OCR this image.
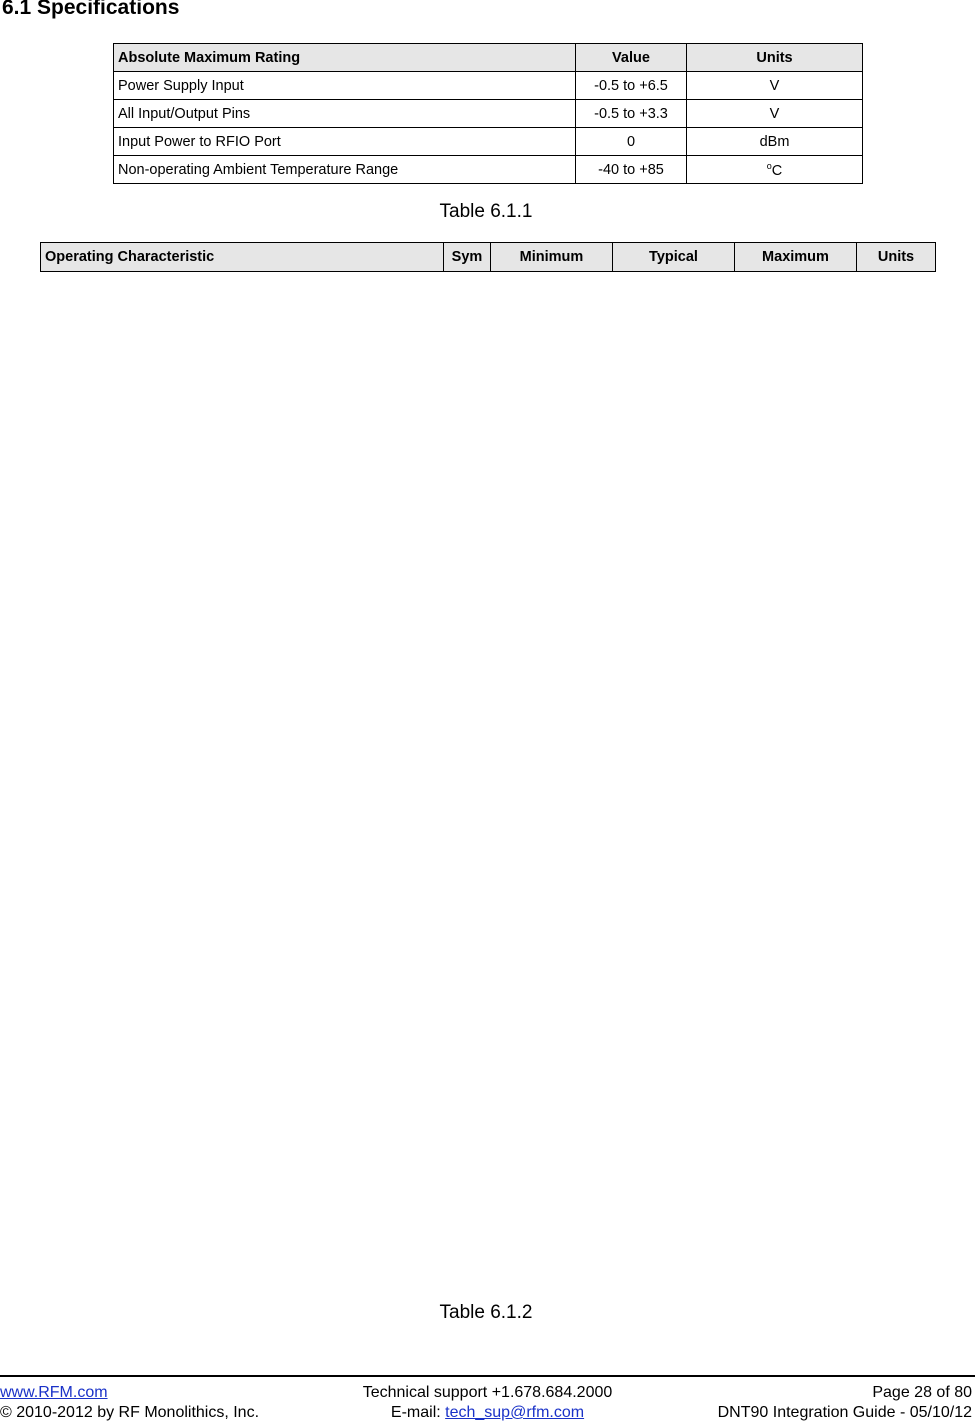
6.1 Specifications
Absolute Maximum Rating	Value	Units
Power Supply Input	-0.5 to +6.5	V
All Input/Output Pins	-0.5 to +3.3	V
Input Power to RFIO Port	0	dBm
Non-operating Ambient Temperature Range	-40 to +85	$^o$C
Table 6.1.1
Operating Characteristic	Sym	Minimum	Typical	Maximum	Units
Table 6.1.2
www.RFM.com
© 2010-2012 by RF Monolithics, Inc.
Technical support +1.678.684.2000
E-mail: tech_sup@rfm.com
Page 28 of 80
DNT90 Integration Guide - 05/10/12
